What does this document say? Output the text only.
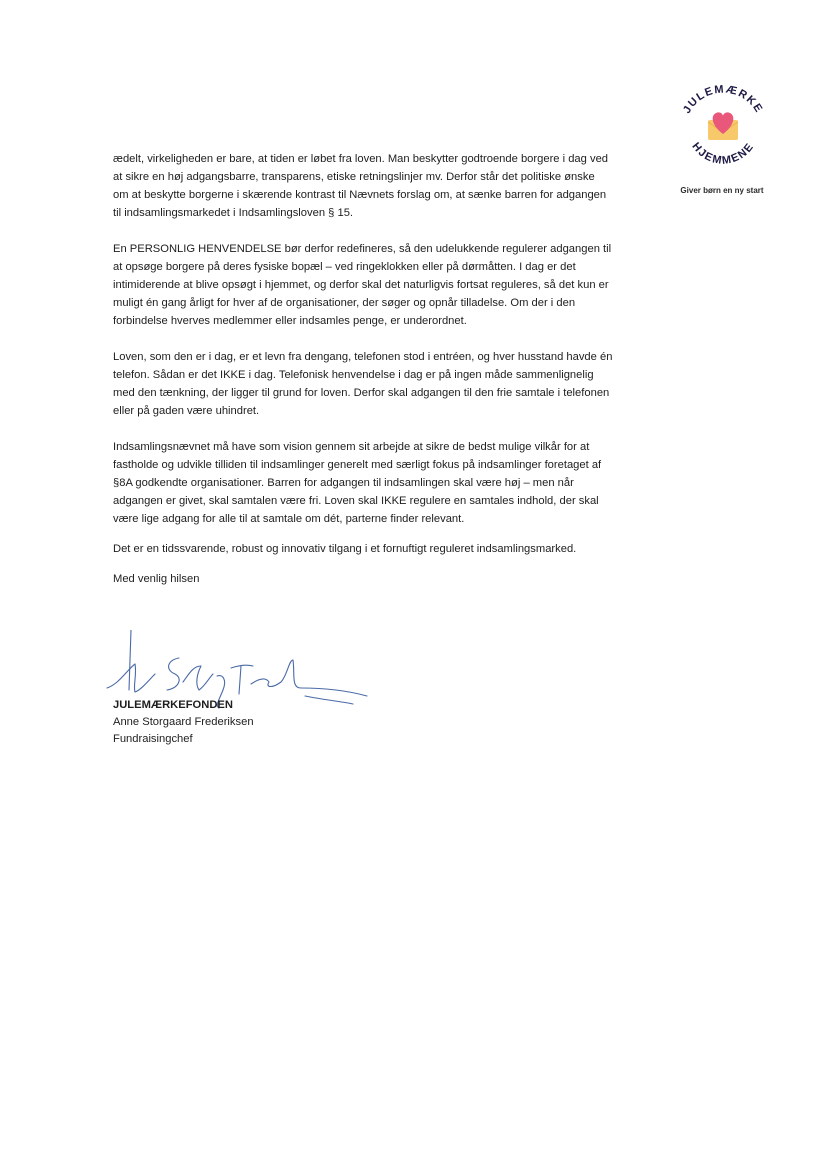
JULEMÆRKE
HJEMMENE
Giver børn en ny start

ædelt, virkeligheden er bare, at tiden er løbet fra loven. Man beskytter godtroende borgere i dag ved at sikre en høj adgangsbarre, transparens, etiske retningslinjer mv. Derfor står det politiske ønske om at beskytte borgerne i skærende kontrast til Nævnets forslag om, at sænke barren for adgangen til indsamlingsmarkedet i Indsamlingsloven § 15.

En PERSONLIG HENVENDELSE bør derfor redefineres, så den udelukkende regulerer adgangen til at opsøge borgere på deres fysiske bopæl – ved ringeklokken eller på dørmåtten. I dag er det intimiderende at blive opsøgt i hjemmet, og derfor skal det naturligvis fortsat reguleres, så det kun er muligt én gang årligt for hver af de organisationer, der søger og opnår tilladelse. Om der i den forbindelse hverves medlemmer eller indsamles penge, er underordnet.

Loven, som den er i dag, er et levn fra dengang, telefonen stod i entréen, og hver husstand havde én telefon. Sådan er det IKKE i dag. Telefonisk henvendelse i dag er på ingen måde sammenlignelig med den tænkning, der ligger til grund for loven. Derfor skal adgangen til den frie samtale i telefonen eller på gaden være uhindret.

Indsamlingsnævnet må have som vision gennem sit arbejde at sikre de bedst mulige vilkår for at fastholde og udvikle tilliden til indsamlinger generelt med særligt fokus på indsamlinger foretaget af §8A godkendte organisationer. Barren for adgangen til indsamlingen skal være høj – men når adgangen er givet, skal samtalen være fri. Loven skal IKKE regulere en samtales indhold, der skal være lige adgang for alle til at samtale om dét, parterne finder relevant.

Det er en tidssvarende, robust og innovativ tilgang i et fornuftigt reguleret indsamlingsmarked.

Med venlig hilsen

JULEMÆRKEFONDEN
Anne Storgaard Frederiksen
Fundraisingchef
